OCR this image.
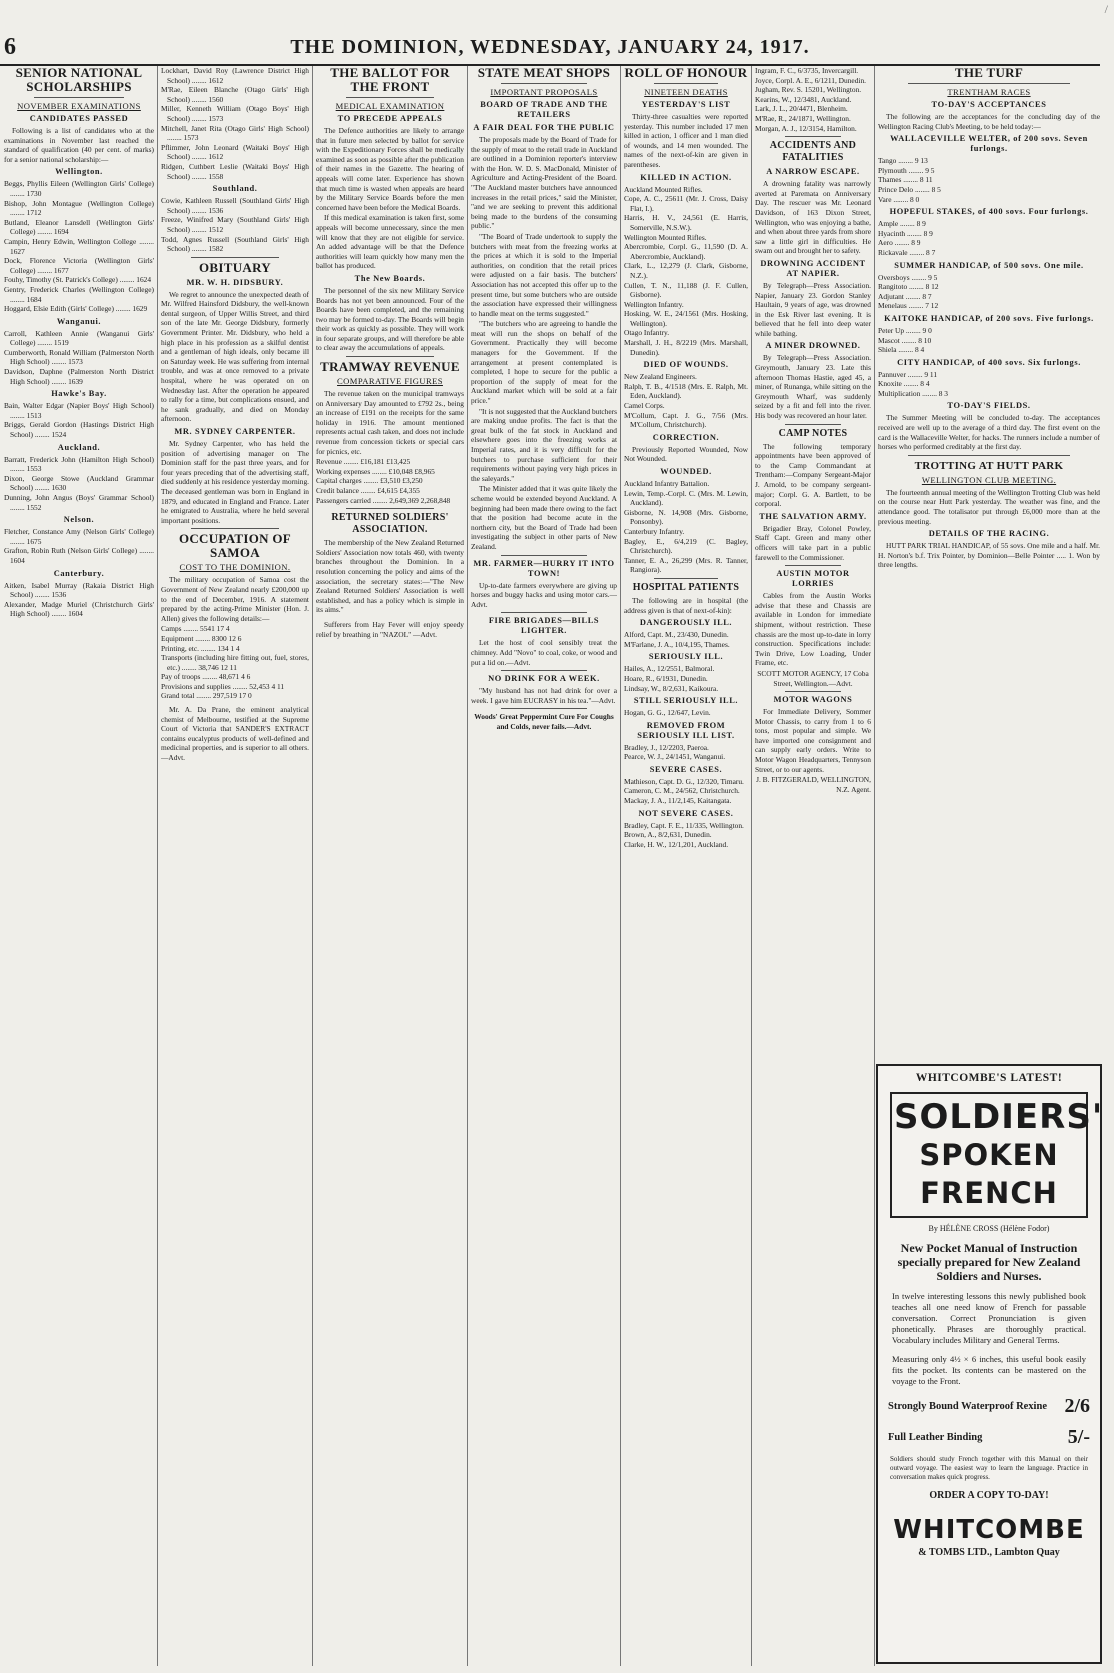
6	THE DOMINION, WEDNESDAY, JANUARY 24, 1917.
/
SENIOR NATIONAL SCHOLARSHIPS
NOVEMBER EXAMINATIONS
CANDIDATES PASSED

Following is a list of candidates who at the examinations in November last reached the standard of qualification (40 per cent. of marks) for a senior national scholarship:—

Wellington.
Beggs, Phyllis Eileen (Wellington Girls' College) ........ 1730
Bishop, John Montague (Wellington College) ........ 1712
Butland, Eleanor Lansdell (Wellington Girls' College) ........ 1694
Campin, Henry Edwin, Wellington College ........ 1627
Dock, Florence Victoria (Wellington Girls' College) ........ 1677
Fouhy, Timothy (St. Patrick's College) ........ 1624
Gentry, Frederick Charles (Wellington College) ........ 1684
Hoggard, Elsie Edith (Girls' College) ........ 1629
Wanganui.
Carroll, Kathleen Annie (Wanganui Girls' College) ........ 1519
Cumberworth, Ronald William (Palmerston North High School) ........ 1573
Davidson, Daphne (Palmerston North District High School) ........ 1639
Hawke's Bay.
Bain, Walter Edgar (Napier Boys' High School) ........ 1513
Briggs, Gerald Gordon (Hastings District High School) ........ 1524
Auckland.
Barratt, Frederick John (Hamilton High School) ........ 1553
Dixon, George Stowe (Auckland Grammar School) ........ 1630
Dunning, John Angus (Boys' Grammar School) ........ 1552
Nelson.
Fletcher, Constance Amy (Nelson Girls' College) ........ 1675
Grafton, Robin Ruth (Nelson Girls' College) ........ 1604
Canterbury.
Aitken, Isabel Murray (Rakaia District High School) ........ 1536
Alexander, Madge Muriel (Christchurch Girls' High School) ........ 1604
Lockhart, David Roy (Lawrence District High School) ........ 1612
M'Rae, Eileen Blanche (Otago Girls' High School) ........ 1560
Miller, Kenneth William (Otago Boys' High School) ........ 1573
Mitchell, Janet Rita (Otago Girls' High School) ........ 1573
Pflimmer, John Leonard (Waitaki Boys' High School) ........ 1612
Ridgen, Cuthbert Leslie (Waitaki Boys' High School) ........ 1558
Southland.
Cowie, Kathleen Russell (Southland Girls' High School) ........ 1536
Freeze, Winifred Mary (Southland Girls' High School) ........ 1512
Todd, Agnes Russell (Southland Girls' High School) ........ 1582
OBITUARY
MR. W. H. DIDSBURY.

We regret to announce the unexpected death of Mr. Wilfred Hainsford Didsbury, the well-known dental surgeon, of Upper Willis Street, and third son of the late Mr. George Didsbury, formerly Government Printer. Mr. Didsbury, who held a high place in his profession as a skilful dentist and a gentleman of high ideals, only became ill on Saturday week. He was suffering from internal trouble, and was at once removed to a private hospital, where he was operated on on Wednesday last. After the operation he appeared to rally for a time, but complications ensued, and he sank gradually, and died on Monday afternoon.

MR. SYDNEY CARPENTER.

Mr. Sydney Carpenter, who has held the position of advertising manager on The Dominion staff for the past three years, and for four years preceding that of the advertising staff, died suddenly at his residence yesterday morning. The deceased gentleman was born in England in 1879, and educated in England and France. Later he emigrated to Australia, where he held several important positions.

OCCUPATION OF SAMOA
COST TO THE DOMINION.

The military occupation of Samoa cost the Government of New Zealand nearly £200,000 up to the end of December, 1916. A statement prepared by the acting-Prime Minister (Hon. J. Allen) gives the following details:—

Camps ........ 5541 17 4
Equipment ........ 8300 12 6
Printing, etc. ........ 134 1 4
Transports (including hire fitting out, fuel, stores, etc.) ........ 38,746 12 11
Pay of troops ........ 48,671 4 6
Provisions and supplies ........ 52,453 4 11
Grand total ........ 297,519 17 0

Mr. A. Da Prane, the eminent analytical chemist of Melbourne, testified at the Supreme Court of Victoria that SANDER'S EXTRACT contains eucalyptus products of well-defined and medicinal properties, and is superior to all others.—Advt.

THE BALLOT FOR THE FRONT
MEDICAL EXAMINATION
TO PRECEDE APPEALS

The Defence authorities are likely to arrange that in future men selected by ballot for service with the Expeditionary Forces shall be medically examined as soon as possible after the publication of their names in the Gazette. The hearing of appeals will come later. Experience has shown that much time is wasted when appeals are heard by the Military Service Boards before the men concerned have been before the Medical Boards.

If this medical examination is taken first, some appeals will become unnecessary, since the men will know that they are not eligible for service. An added advantage will be that the Defence authorities will learn quickly how many men the ballot has produced.

The New Boards.

The personnel of the six new Military Service Boards has not yet been announced. Four of the Boards have been completed, and the remaining two may be formed to-day. The Boards will begin their work as quickly as possible. They will work in four separate groups, and will therefore be able to clear away the accumulations of appeals.

TRAMWAY REVENUE
COMPARATIVE FIGURES

The revenue taken on the municipal tramways on Anniversary Day amounted to £792 2s., being an increase of £191 on the receipts for the same holiday in 1916. The amount mentioned represents actual cash taken, and does not include revenue from concession tickets or special cars for picnics, etc.

Revenue ........ £16,181 £13,425
Working expenses ........ £10,048 £8,965
Capital charges ........ £3,510 £3,250
Credit balance ........ £4,615 £4,355
Passengers carried ........ 2,649,369 2,268,848
RETURNED SOLDIERS' ASSOCIATION.

The membership of the New Zealand Returned Soldiers' Association now totals 460, with twenty branches throughout the Dominion. In a resolution concerning the policy and aims of the association, the secretary states:—"The New Zealand Returned Soldiers' Association is well established, and has a policy which is simple in its aims."

Sufferers from Hay Fever will enjoy speedy relief by breathing in "NAZOL" —Advt.

STATE MEAT SHOPS
IMPORTANT PROPOSALS
BOARD OF TRADE AND THE RETAILERS
A FAIR DEAL FOR THE PUBLIC

The proposals made by the Board of Trade for the supply of meat to the retail trade in Auckland are outlined in a Dominion reporter's interview with the Hon. W. D. S. MacDonald, Minister of Agriculture and Acting-President of the Board. "The Auckland master butchers have announced increases in the retail prices," said the Minister, "and we are seeking to prevent this additional being made to the burdens of the consuming public."

"The Board of Trade undertook to supply the butchers with meat from the freezing works at the prices at which it is sold to the Imperial authorities, on condition that the retail prices were adjusted on a fair basis. The butchers' Association has not accepted this offer up to the present time, but some butchers who are outside the association have expressed their willingness to handle meat on the terms suggested."

"The butchers who are agreeing to handle the meat will run the shops on behalf of the Government. Practically they will become managers for the Government. If the arrangement at present contemplated is completed, I hope to secure for the public a proportion of the supply of meat for the Auckland market which will be sold at a fair price."

"It is not suggested that the Auckland butchers are making undue profits. The fact is that the great bulk of the fat stock in Auckland and elsewhere goes into the freezing works at Imperial rates, and it is very difficult for the butchers to purchase sufficient for their requirements without paying very high prices in the saleyards."

The Minister added that it was quite likely the scheme would be extended beyond Auckland. A beginning had been made there owing to the fact that the position had become acute in the northern city, but the Board of Trade had been investigating the subject in other parts of New Zealand.

MR. FARMER—HURRY IT INTO TOWN!

Up-to-date farmers everywhere are giving up horses and buggy hacks and using motor cars.—Advt.

FIRE BRIGADES—BILLS LIGHTER.

Let the host of cool sensibly treat the chimney. Add "Novo" to coal, coke, or wood and put a lid on.—Advt.

NO DRINK FOR A WEEK.

"My husband has not had drink for over a week. I gave him EUCRASY in his tea."—Advt.

Woods' Great Peppermint Cure For Coughs and Colds, never fails.—Advt.

ROLL OF HONOUR
NINETEEN DEATHS
YESTERDAY'S LIST

Thirty-three casualties were reported yesterday. This number included 17 men killed in action, 1 officer and 1 man died of wounds, and 14 men wounded. The names of the next-of-kin are given in parentheses.

KILLED IN ACTION.
Auckland Mounted Rifles.
Cope, A. C., 25611 (Mr. J. Cross, Daisy Flat, I.).
Harris, H. V., 24,561 (E. Harris, Somerville, N.S.W.).
Wellington Mounted Rifles.
Abercrombie, Corpl. G., 11,590 (D. A. Abercrombie, Auckland).
Clark, L., 12,279 (J. Clark, Gisborne, N.Z.).
Cullen, T. N., 11,188 (J. F. Cullen, Gisborne).
Wellington Infantry.
Hosking, W. E., 24/1561 (Mrs. Hosking, Wellington).
Otago Infantry.
Marshall, J. H., 8/2219 (Mrs. Marshall, Dunedin).
DIED OF WOUNDS.
New Zealand Engineers.
Ralph, T. B., 4/1518 (Mrs. E. Ralph, Mt. Eden, Auckland).
Camel Corps.
M'Collum, Capt. J. G., 7/56 (Mrs. M'Collum, Christchurch).
CORRECTION.

Previously Reported Wounded, Now Not Wounded.

WOUNDED.
Auckland Infantry Battalion.
Lewin, Temp.-Corpl. C. (Mrs. M. Lewin, Auckland).
Gisborne, N. 14,908 (Mrs. Gisborne, Ponsonby).
Canterbury Infantry.
Bagley, E., 6/4,219 (C. Bagley, Christchurch).
Tanner, E. A., 26,299 (Mrs. R. Tanner, Rangiora).
HOSPITAL PATIENTS

The following are in hospital (the address given is that of next-of-kin):

DANGEROUSLY ILL.
Alford, Capt. M., 23/430, Dunedin.
M'Farlane, J. A., 10/4,195, Thames.
SERIOUSLY ILL.
Hailes, A., 12/2551, Balmoral.
Hoare, R., 6/1931, Dunedin.
Lindsay, W., 8/2,631, Kaikoura.
STILL SERIOUSLY ILL.
Hogan, G. G., 12/647, Levin.
REMOVED FROM SERIOUSLY ILL LIST.
Bradley, J., 12/2203, Paeroa.
Pearce, W. J., 24/1451, Wanganui.
SEVERE CASES.
Mathieson, Capt. D. G., 12/320, Timaru.
Cameron, C. M., 24/562, Christchurch.
Mackay, J. A., 11/2,145, Kaitangata.
NOT SEVERE CASES.
Bradley, Capt. F. E., 11/335, Wellington.
Brown, A., 8/2,631, Dunedin.
Clarke, H. W., 12/1,201, Auckland.
Ingram, F. C., 6/3735, Invercargill.
Joyce, Corpl. A. E., 6/1211, Dunedin.
Jugham, Rev. S. 15201, Wellington.
Kearins, W., 12/3481, Auckland.
Lark, J. L., 20/4471, Blenheim.
M'Rae, R., 24/1871, Wellington.
Morgan, A. J., 12/3154, Hamilton.
ACCIDENTS AND FATALITIES
A NARROW ESCAPE.

A drowning fatality was narrowly averted at Paremata on Anniversary Day. The rescuer was Mr. Leonard Davidson, of 163 Dixon Street, Wellington, who was enjoying a bathe, and when about three yards from shore saw a little girl in difficulties. He swam out and brought her to safety.

DROWNING ACCIDENT AT NAPIER.

By Telegraph—Press Association. Napier, January 23. Gordon Stanley Haultain, 9 years of age, was drowned in the Esk River last evening. It is believed that he fell into deep water while bathing.

A MINER DROWNED.

By Telegraph—Press Association. Greymouth, January 23. Late this afternoon Thomas Hastie, aged 45, a miner, of Runanga, while sitting on the Greymouth Wharf, was suddenly seized by a fit and fell into the river. His body was recovered an hour later.

CAMP NOTES

The following temporary appointments have been approved of to the Camp Commandant at Trentham:—Company Sergeant-Major J. Arnold, to be company sergeant-major; Corpl. G. A. Bartlett, to be corporal.

THE SALVATION ARMY.

Brigadier Bray, Colonel Powley, Staff Capt. Green and many other officers will take part in a public farewell to the Commissioner.

AUSTIN MOTOR LORRIES

Cables from the Austin Works advise that these and Chassis are available in London for immediate shipment, without restriction. These chassis are the most up-to-date in lorry construction. Specifications include: Twin Drive, Low Loading, Under Frame, etc.

SCOTT MOTOR AGENCY, 17 Coba Street, Wellington.—Advt.

MOTOR WAGONS

For Immediate Delivery, Sommer Motor Chassis, to carry from 1 to 6 tons, most popular and simple. We have imported one consignment and can supply early orders. Write to Motor Wagon Headquarters, Tennyson Street, or to our agents.

J. B. FITZGERALD, WELLINGTON, N.Z. Agent.

THE TURF
TRENTHAM RACES
TO-DAY'S ACCEPTANCES

The following are the acceptances for the concluding day of the Wellington Racing Club's Meeting, to be held today:—

WALLACEVILLE WELTER, of 200 sovs. Seven furlongs.
Tango ........ 9 13
Plymouth ........ 9 5
Thames ........ 8 11
Prince Delo ........ 8 5
Vare ........ 8 0
HOPEFUL STAKES, of 400 sovs. Four furlongs.
Ample ........ 8 9
Hyacinth ........ 8 9
Aero ........ 8 9
Rickavale ........ 8 7
SUMMER HANDICAP, of 500 sovs. One mile.
Oversboys ........ 9 5
Rangitoto ........ 8 12
Adjutant ........ 8 7
Menelaus ........ 7 12
KAITOKE HANDICAP, of 200 sovs. Five furlongs.
Peter Up ........ 9 0
Mascot ........ 8 10
Shiela ........ 8 4
CITY HANDICAP, of 400 sovs. Six furlongs.
Pannuver ........ 9 11
Knoxite ........ 8 4
Multiplication ........ 8 3
TO-DAY'S FIELDS.

The Summer Meeting will be concluded to-day. The acceptances received are well up to the average of a third day. The first event on the card is the Wallaceville Welter, for hacks. The runners include a number of horses who performed creditably at the first day.

TROTTING AT HUTT PARK
WELLINGTON CLUB MEETING.

The fourteenth annual meeting of the Wellington Trotting Club was held on the course near Hutt Park yesterday. The weather was fine, and the attendance good. The totalisator put through £6,000 more than at the previous meeting.

DETAILS OF THE RACING.

HUTT PARK TRIAL HANDICAP, of 55 sovs. One mile and a half. Mr. H. Norton's b.f. Trix Pointer, by Dominion—Belle Pointer ..... 1. Won by three lengths.

WHITCOMBE'S LATEST!
SOLDIERS'
SPOKEN FRENCH
By HÉLÈNE CROSS (Hélène Fodor)
New Pocket Manual of Instruction specially prepared for New Zealand Soldiers and Nurses.
In twelve interesting lessons this newly published book teaches all one need know of French for passable conversation. Correct Pronunciation is given phonetically. Phrases are thoroughly practical. Vocabulary includes Military and General Terms.
Measuring only 4½ × 6 inches, this useful book easily fits the pocket. Its contents can be mastered on the voyage to the Front.
Strongly Bound Waterproof Rexine 2/6
Full Leather Binding	5/-
Soldiers should study French together with this Manual on their outward voyage. The easiest way to learn the language. Practice in conversation makes quick progress.
ORDER A COPY TO-DAY!
WHITCOMBE
& TOMBS LTD., Lambton Quay
